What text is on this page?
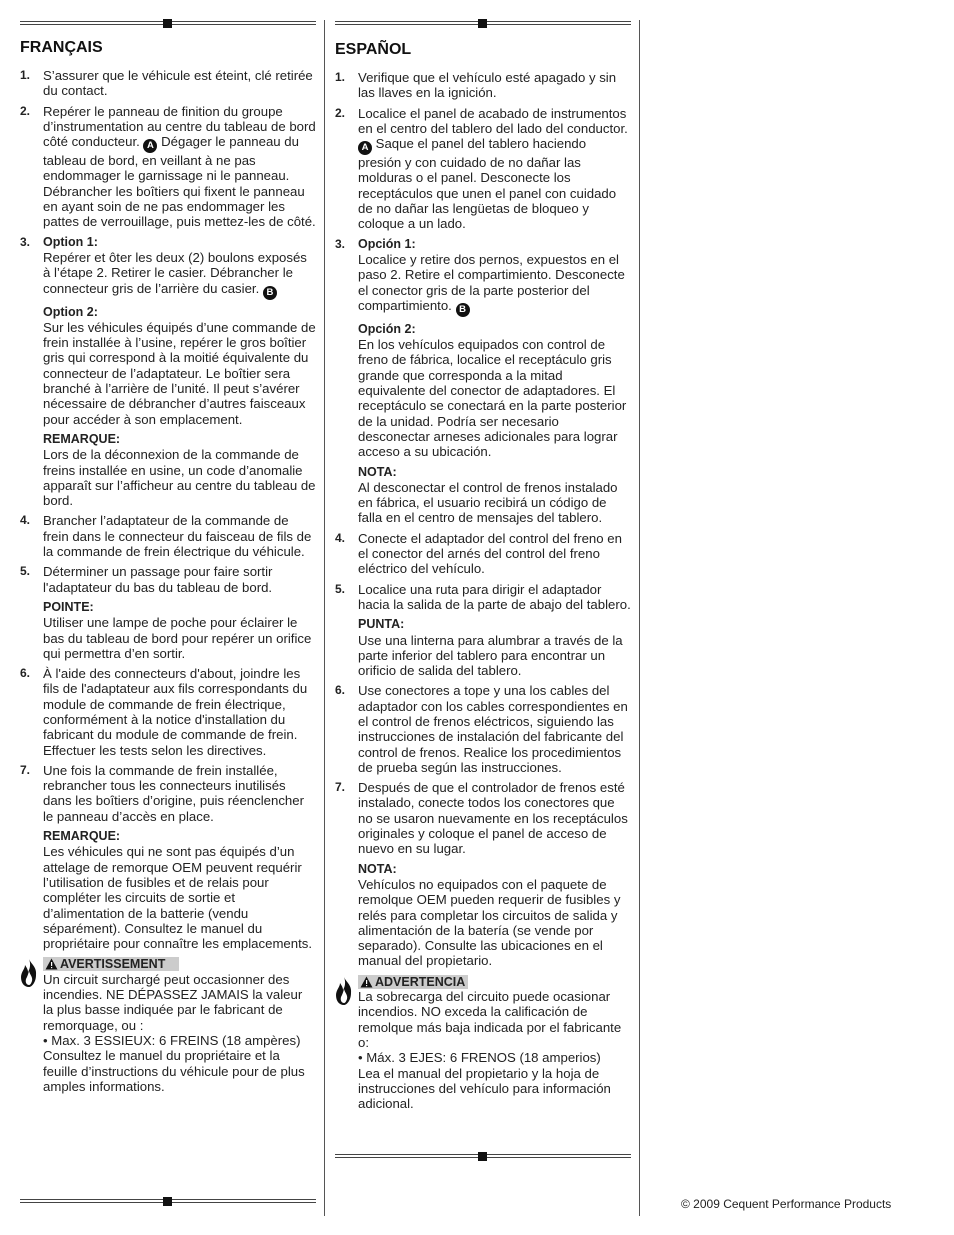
FRANÇAIS
1. S’assurer que le véhicule est éteint, clé retirée du contact.
2. Repérer le panneau de finition du groupe d’instrumentation au centre du tableau de bord côté conducteur. A Dégager le panneau du tableau de bord, en veillant à ne pas endommager le garnissage ni le panneau. Débrancher les boîtiers qui fixent le panneau en ayant soin de ne pas endommager les pattes de verrouillage, puis mettez-les de côté.
3. Option 1:
Repérer et ôter les deux (2) boulons exposés à l’étape 2. Retirer le casier. Débrancher le connecteur gris de l’arrière du casier. B
Option 2:
Sur les véhicules équipés d’une commande de frein installée à l’usine, repérer le gros boîtier gris qui correspond à la moitié équivalente du connecteur de l’adaptateur. Le boîtier sera branché à l’arrière de l’unité. Il peut s’avérer nécessaire de débrancher d’autres faisceaux pour accéder à son emplacement.
REMARQUE:
Lors de la déconnexion de la commande de freins installée en usine, un code d’anomalie apparaît sur l’afficheur au centre du tableau de bord.
4. Brancher l’adaptateur de la commande de frein dans le connecteur du faisceau de fils de la commande de frein électrique du véhicule.
5. Déterminer un passage pour faire sortir l'adaptateur du bas du tableau de bord.
POINTE:
Utiliser une lampe de poche pour éclairer le bas du tableau de bord pour repérer un orifice qui permettra d’en sortir.
6. À l'aide des connecteurs d'about, joindre les fils de l'adaptateur aux fils correspondants du module de commande de frein électrique, conformément à la notice d'installation du fabricant du module de commande de frein. Effectuer les tests selon les directives.
7. Une fois la commande de frein installée, rebrancher tous les connecteurs inutilisés dans les boîtiers d’origine, puis réenclencher le panneau d’accès en place.
REMARQUE:
Les véhicules qui ne sont pas équipés d’un attelage de remorque OEM peuvent requérir l’utilisation de fusibles et de relais pour compléter les circuits de sortie et d’alimentation de la batterie (vendu séparément). Consultez le manuel du propriétaire pour connaître les emplacements.
AVERTISSEMENT
Un circuit surchargé peut occasionner des incendies. NE DÉPASSEZ JAMAIS la valeur la plus basse indiquée par le fabricant de remorquage, ou :
• Max. 3 ESSIEUX: 6 FREINS (18 ampères)
Consultez le manuel du propriétaire et la feuille d’instructions du véhicule pour de plus amples informations.
ESPAÑOL
1. Verifique que el vehículo esté apagado y sin las llaves en la ignición.
2. Localice el panel de acabado de instrumentos en el centro del tablero del lado del conductor. A Saque el panel del tablero haciendo presión y con cuidado de no dañar las molduras o el panel. Desconecte los receptáculos que unen el panel con cuidado de no dañar las lengüetas de bloqueo y coloque a un lado.
3. Opción 1:
Localice y retire dos pernos, expuestos en el paso 2. Retire el compartimiento. Desconecte el conector gris de la parte posterior del compartimiento. B
Opción 2:
En los vehículos equipados con control de freno de fábrica, localice el receptáculo gris grande que corresponda a la mitad equivalente del conector de adaptadores. El receptáculo se conectará en la parte posterior de la unidad. Podría ser necesario desconectar arneses adicionales para lograr acceso a su ubicación.
NOTA:
Al desconectar el control de frenos instalado en fábrica, el usuario recibirá un código de falla en el centro de mensajes del tablero.
4. Conecte el adaptador del control del freno en el conector del arnés del control del freno eléctrico del vehículo.
5. Localice una ruta para dirigir el adaptador hacia la salida de la parte de abajo del tablero.
PUNTA:
Use una linterna para alumbrar a través de la parte inferior del tablero para encontrar un orificio de salida del tablero.
6. Use conectores a tope y una los cables del adaptador con los cables correspondientes en el control de frenos eléctricos, siguiendo las instrucciones de instalación del fabricante del control de frenos. Realice los procedimientos de prueba según las instrucciones.
7. Después de que el controlador de frenos esté instalado, conecte todos los conectores que no se usaron nuevamente en los receptáculos originales y coloque el panel de acceso de nuevo en su lugar.
NOTA:
Vehículos no equipados con el paquete de remolque OEM pueden requerir de fusibles y relés para completar los circuitos de salida y alimentación de la batería (se vende por separado). Consulte las ubicaciones en el manual del propietario.
ADVERTENCIA
La sobrecarga del circuito puede ocasionar incendios. NO exceda la calificación de remolque más baja indicada por el fabricante o:
• Máx. 3 EJES: 6 FRENOS (18 amperios)
Lea el manual del propietario y la hoja de instrucciones del vehículo para información adicional.
© 2009 Cequent Performance Products
